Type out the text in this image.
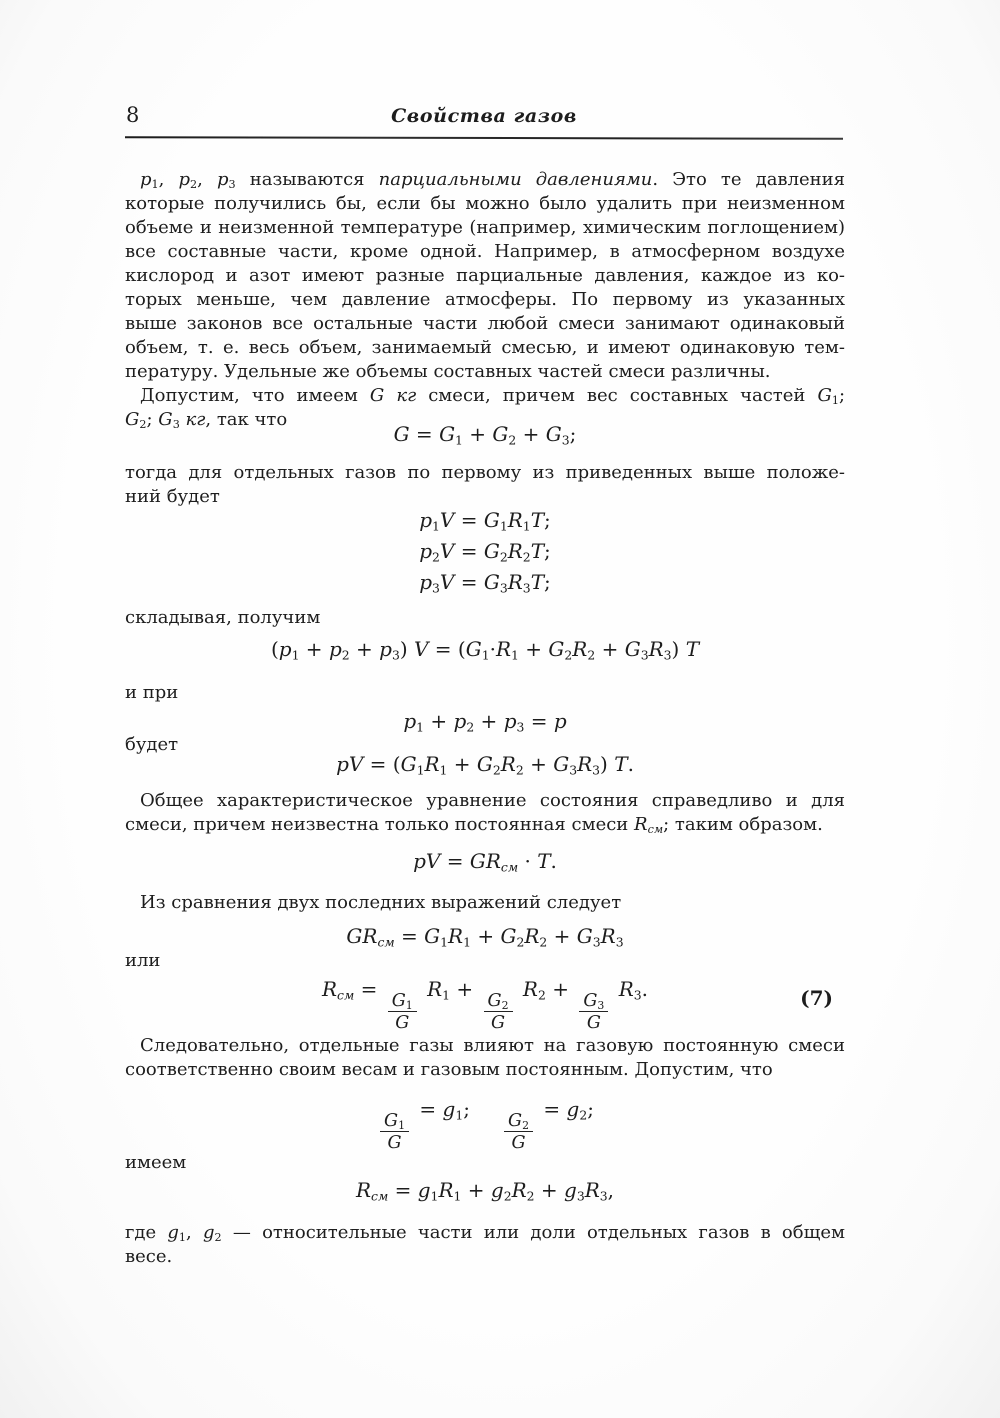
8	Свойства газов
$p_1$, $p_2$, $p_3$ называются парциальными давлениями. Это те давления
которые получились бы, если бы можно было удалить при неизменном
объеме и неизменной температуре (например, химическим поглощением)
все составные части, кроме одной. Например, в атмосферном воздухе
кислород и азот имеют разные парциальные давления, каждое из ко-
торых меньше, чем давление атмосферы. По первому из указанных
выше законов все остальные части любой смеси занимают одинаковый
объем, т. е. весь объем, занимаемый смесью, и имеют одинаковую тем-
пературу. Удельные же объемы составных частей смеси различны.
Допустим, что имеем G кг смеси, причем вес составных частей $G_1$;
$G_2$; $G_3$ кг, так что
$G = G_1 + G_2 + G_3$;
тогда для отдельных газов по первому из приведенных выше положе-
ний будет
$p_1V = G_1R_1T$;
$p_2V = G_2R_2T$;
$p_3V = G_3R_3T$;
складывая, получим
$(p_1 + p_2 + p_3) V = (G_1\cdot R_1 + G_2R_2 + G_3R_3)$ T
и при
$p_1 + p_2 + p_3 = p$
будет
pV = $(G_1R_1 + G_2R_2 + G_3R_3)$ T.
Общее характеристическое уравнение состояния справедливо и для
смеси, причем неизвестна только постоянная смеси $R_{см}$; таким образом.
pV = $GR_{см} \cdot T$.
Из сравнения двух последних выражений следует
$GR_{см} = G_1R_1 + G_2R_2 + G_3R_3$
или
$R_{см}$ =
$\frac{G_1}{G}$
$R_1$ +
$\frac{G_2}{G}$
$R_2$ +
$\frac{G_3}{G}$
$R_3$.	(7)
Следовательно, отдельные газы влияют на газовую постоянную смеси
соответственно своим весам и газовым постоянным. Допустим, что
$\frac{G_1}{G}$
= $g_1$;  
$\frac{G_2}{G}$
= $g_2$;
имеем
$R_{см} = g_1R_1 + g_2R_2 + g_3R_3$,
где $g_1$, $g_2$ — относительные части или доли отдельных газов в общем
весе.
